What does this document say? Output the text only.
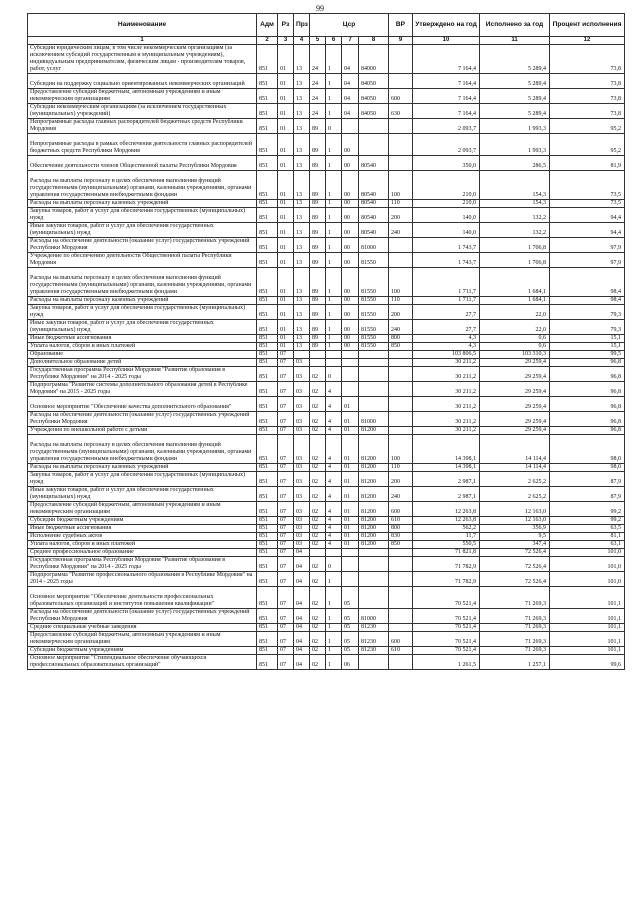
99
Наименование	Адм	Рз	Прз	Цср				ВР	Утверждено на год	Исполнено за год	Процент исполнения
1	2	3	4	5	6	7	8	9	10	11	12
Субсидии юридическим лицам, в том числе некоммерческим организациям (за исключением субсидий государственным и муниципальным учреждениям), индивидуальным предпринимателям, физическим лицам - производителям товаров, работ, услуг	851	01	13	24	1	04	84000		7 164,4	5 289,4	73,8
Субсидии на поддержку социально ориентированных некоммерческих организаций	851	01	13	24	1	04	84050		7 164,4	5 289,4	73,8
Предоставление субсидий бюджетным, автономным учреждениям и иным некоммерческим организациям	851	01	13	24	1	04	84050	600	7 164,4	5 289,4	73,8
Субсидии некоммерческим организациям (за исключением государственных (муниципальных) учреждений)	851	01	13	24	1	04	84050	630	7 164,4	5 289,4	73,8
Непрограммные расходы главных распорядителей бюджетных средств Республики Мордовия	851	01	13	89	0				2 093,7	1 993,3	95,2
Непрограммные расходы в рамках обеспечения деятельности главных распорядителей бюджетных средств Республики Мордовия	851	01	13	89	1	00			2 093,7	1 993,3	95,2
Обеспечение деятельности членов Общественной палаты Республики Мордовия	851	01	13	89	1	00	80540		350,0	286,5	81,9
Расходы на выплаты персоналу в целях обеспечения выполнения функций государственными (муниципальными) органами, казенными учреждениями, органами управления государственными внебюджетными фондами	851	01	13	89	1	00	80540	100	210,0	154,3	73,5
Расходы на выплаты персоналу казенных учреждений	851	01	13	89	1	00	80540	110	210,0	154,3	73,5
Закупка товаров, работ и услуг для обеспечения государственных (муниципальных) нужд	851	01	13	89	1	00	80540	200	140,0	132,2	94,4
Иные закупки товаров, работ и услуг для обеспечения государственных (муниципальных) нужд	851	01	13	89	1	00	80540	240	140,0	132,2	94,4
Расходы на обеспечение деятельности (оказание услуг) государственных учреждений Республики Мордовия	851	01	13	89	1	00	81000		1 743,7	1 706,8	97,9
Учреждение по обеспечению деятельности Общественной палаты Республики Мордовия	851	01	13	89	1	00	81550		1 743,7	1 706,8	97,9
Расходы на выплаты персоналу в целях обеспечения выполнения функций государственными (муниципальными) органами, казенными учреждениями, органами управления государственными внебюджетными фондами	851	01	13	89	1	00	81550	100	1 711,7	1 684,1	98,4
Расходы на выплаты персоналу казенных учреждений	851	01	13	89	1	00	81550	110	1 711,7	1 684,1	98,4
Закупка товаров, работ и услуг для обеспечения государственных (муниципальных) нужд	851	01	13	89	1	00	81550	200	27,7	22,0	79,3
Иные закупки товаров, работ и услуг для обеспечения государственных (муниципальных) нужд	851	01	13	89	1	00	81550	240	27,7	22,0	79,3
Иные бюджетные ассигнования	851	01	13	89	1	00	81550	800	4,3	0,6	15,1
Уплата налогов, сборов и иных платежей	851	01	13	89	1	00	81550	850	4,3	0,6	15,1
Образование	851	07							103 806,5	103 310,3	99,5
Дополнительное образование детей	851	07	03						30 211,2	29 259,4	96,8
Государственная программа Республики Мордовия "Развитие образования в Республике Мордовия" на 2014 - 2025 годы	851	07	03	02	0				30 211,2	29 259,4	96,8
Подпрограмма "Развитие системы дополнительного образования детей в Республике Мордовия" на 2015 - 2025 годы	851	07	03	02	4				30 211,2	29 259,4	96,8
Основное мероприятие "Обеспечение качества дополнительного образования"	851	07	03	02	4	01			30 211,2	29 259,4	96,8
Расходы на обеспечение деятельности (оказание услуг) государственных учреждений Республики Мордовия	851	07	03	02	4	01	81000		30 211,2	29 259,4	96,8
Учреждения по внешкольной работе с детьми	851	07	03	02	4	01	81200		30 211,2	29 259,4	96,8
Расходы на выплаты персоналу в целях обеспечения выполнения функций государственными (муниципальными) органами, казенными учреждениями, органами управления государственными внебюджетными фондами	851	07	03	02	4	01	81200	100	14 398,1	14 114,4	98,0
Расходы на выплаты персоналу казенных учреждений	851	07	03	02	4	01	81200	110	14 398,1	14 114,4	98,0
Закупка товаров, работ и услуг для обеспечения государственных (муниципальных) нужд	851	07	03	02	4	01	81200	200	2 987,1	2 625,2	87,9
Иные закупки товаров, работ и услуг для обеспечения государственных (муниципальных) нужд	851	07	03	02	4	01	81200	240	2 987,1	2 625,2	87,9
Предоставление субсидий бюджетным, автономным учреждениям и иным некоммерческим организациям	851	07	03	02	4	01	81200	600	12 263,8	12 163,0	99,2
Субсидии бюджетным учреждениям	851	07	03	02	4	01	81200	610	12 263,8	12 163,0	99,2
Иные бюджетные ассигнования	851	07	03	02	4	01	81200	800	562,2	356,9	63,5
Исполнение судебных актов	851	07	03	02	4	01	81200	830	11,7	9,5	81,1
Уплата налогов, сборов и иных платежей	851	07	03	02	4	01	81200	850	550,5	347,4	63,1
Среднее профессиональное образование	851	07	04						71 821,8	72 526,4	101,0
Государственная программа Республики Мордовия "Развитие образования в Республике Мордовия" на 2014 - 2025 годы	851	07	04	02	0				71 782,9	72 526,4	101,0
Подпрограмма "Развитие профессионального образования в Республике Мордовия" на 2014 - 2025 годы	851	07	04	02	1				71 782,9	72 526,4	101,0
Основное мероприятие "Обеспечение деятельности профессиональных образовательных организаций и институтов повышения квалификации"	851	07	04	02	1	05			70 521,4	71 269,3	101,1
Расходы на обеспечение деятельности (оказание услуг) государственных учреждений Республики Мордовия	851	07	04	02	1	05	81000		70 521,4	71 269,3	101,1
Средние специальные учебные заведения	851	07	04	02	1	05	81230		70 521,4	71 269,3	101,1
Предоставление субсидий бюджетным, автономным учреждениям и иным некоммерческим организациям	851	07	04	02	1	05	81230	600	70 521,4	71 269,3	101,1
Субсидии бюджетным учреждениям	851	07	04	02	1	05	81230	610	70 521,4	71 269,3	101,1
Основное мероприятие "Стипендиальное обеспечение обучающихся профессиональных образовательных организаций"	851	07	04	02	1	06			1 261,5	1 257,1	99,6
